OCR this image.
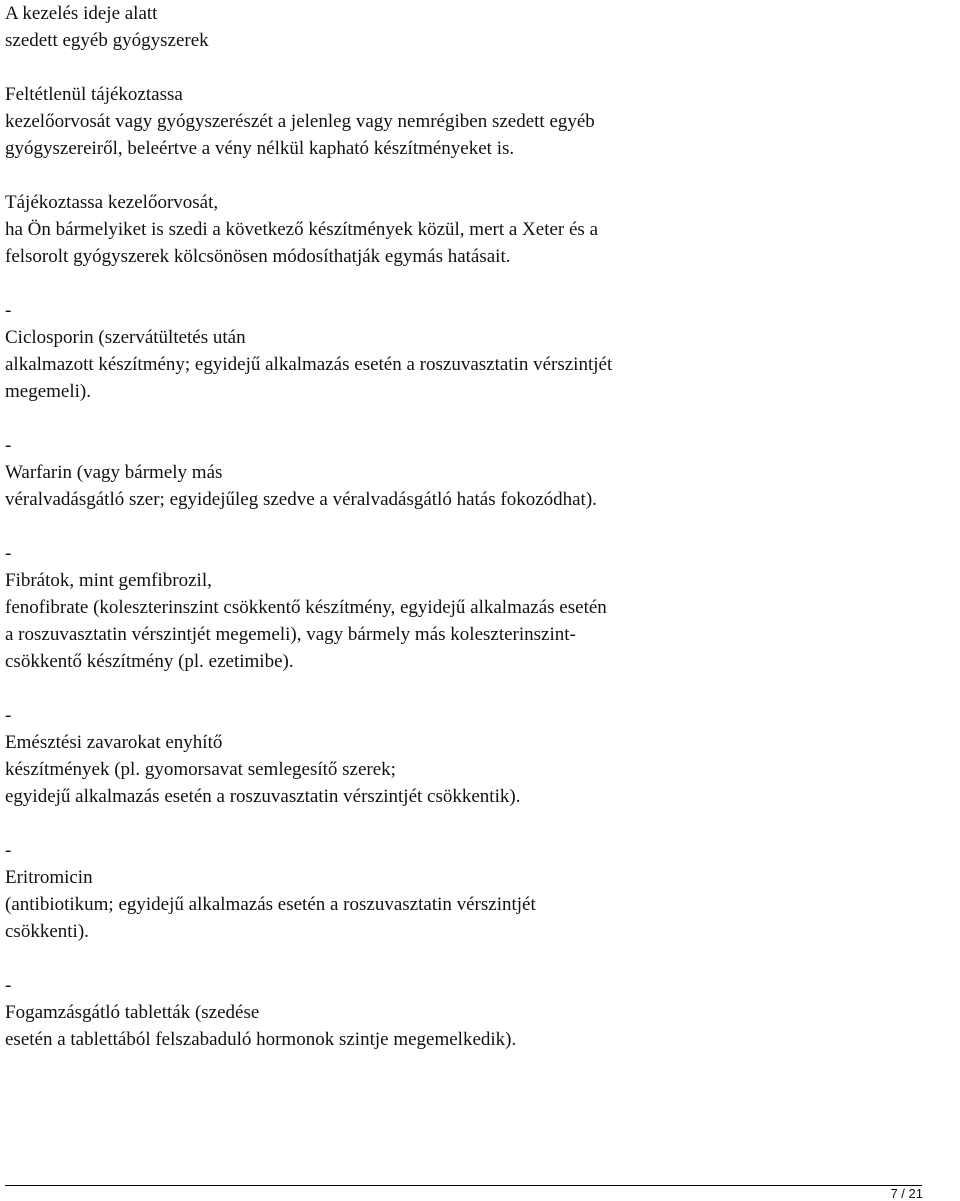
A kezelés ideje alatt
szedett egyéb gyógyszerek
Feltétlenül tájékoztassa
kezelőorvosát vagy gyógyszerészét a jelenleg vagy nemrégiben szedett egyéb
gyógyszereiről, beleértve a vény nélkül kapható készítményeket is.
Tájékoztassa kezelőorvosát,
ha Ön bármelyiket is szedi a következő készítmények közül, mert a Xeter és a
felsorolt gyógyszerek kölcsönösen módosíthatják egymás hatásait.
-
Ciclosporin (szervátültetés után
alkalmazott készítmény; egyidejű alkalmazás esetén a roszuvasztatin vérszintjét
megemeli).
-
Warfarin (vagy bármely más
véralvadásgátló szer; egyidejűleg szedve a véralvadásgátló hatás fokozódhat).
-
Fibrátok, mint gemfibrozil,
fenofibrate (koleszterinszint csökkentő készítmény, egyidejű alkalmazás esetén
a roszuvasztatin vérszintjét megemeli), vagy bármely más koleszterinszint-
csökkentő készítmény (pl. ezetimibe).
-
Emésztési zavarokat enyhítő
készítmények (pl. gyomorsavat semlegesítő szerek;
egyidejű alkalmazás esetén a roszuvasztatin vérszintjét csökkentik).
-
Eritromicin
(antibiotikum; egyidejű alkalmazás esetén a roszuvasztatin vérszintjét
csökkenti).
-
Fogamzásgátló tabletták (szedése
esetén a tablettából felszabaduló hormonok szintje megemelkedik).
7 / 21
